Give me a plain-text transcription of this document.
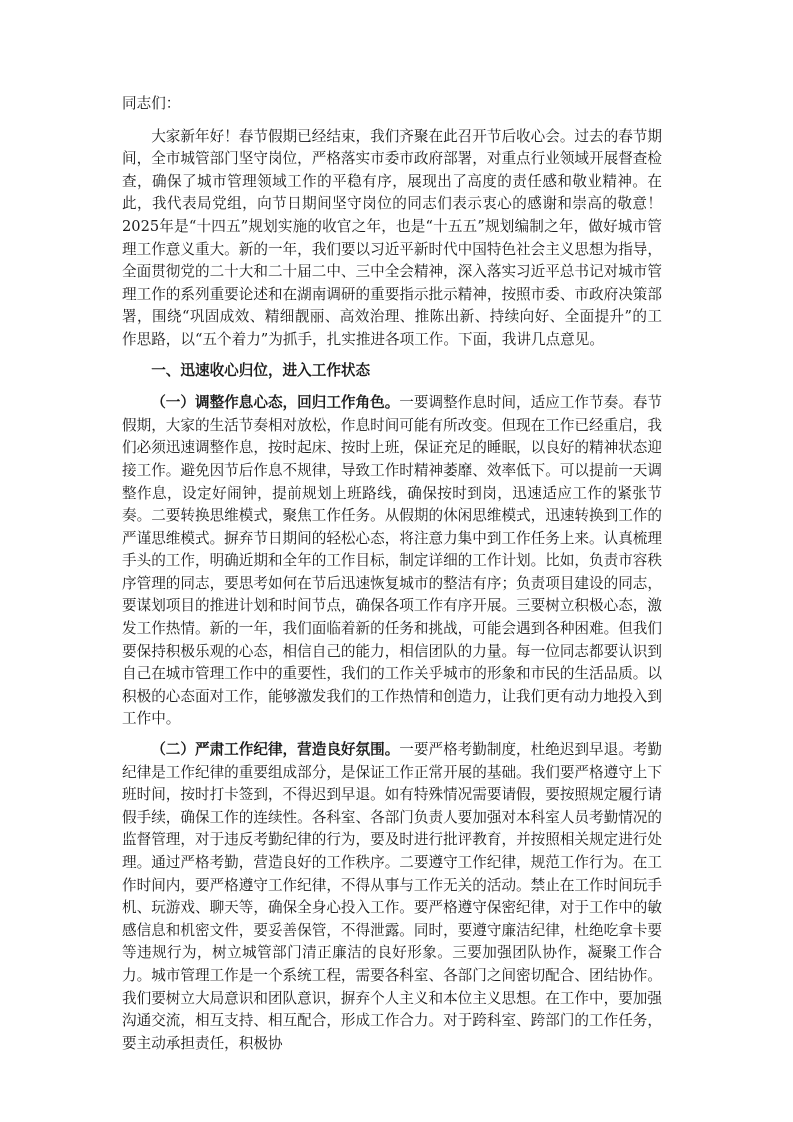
同志们：

大家新年好！春节假期已经结束，我们齐聚在此召开节后收心会。过去的春节期间，全市城管部门坚守岗位，严格落实市委市政府部署，对重点行业领域开展督查检查，确保了城市管理领域工作的平稳有序，展现出了高度的责任感和敬业精神。在此，我代表局党组，向节日期间坚守岗位的同志们表示衷心的感谢和崇高的敬意！2025年是“十四五”规划实施的收官之年，也是“十五五”规划编制之年，做好城市管理工作意义重大。新的一年，我们要以习近平新时代中国特色社会主义思想为指导，全面贯彻党的二十大和二十届二中、三中全会精神，深入落实习近平总书记对城市管理工作的系列重要论述和在湖南调研的重要指示批示精神，按照市委、市政府决策部署，围绕“巩固成效、精细靓丽、高效治理、推陈出新、持续向好、全面提升”的工作思路，以“五个着力”为抓手，扎实推进各项工作。下面，我讲几点意见。

一、迅速收心归位，进入工作状态

（一）调整作息心态，回归工作角色。一要调整作息时间，适应工作节奏。春节假期，大家的生活节奏相对放松，作息时间可能有所改变。但现在工作已经重启，我们必须迅速调整作息，按时起床、按时上班，保证充足的睡眠，以良好的精神状态迎接工作。避免因节后作息不规律，导致工作时精神萎靡、效率低下。可以提前一天调整作息，设定好闹钟，提前规划上班路线，确保按时到岗，迅速适应工作的紧张节奏。二要转换思维模式，聚焦工作任务。从假期的休闲思维模式，迅速转换到工作的严谨思维模式。摒弃节日期间的轻松心态，将注意力集中到工作任务上来。认真梳理手头的工作，明确近期和全年的工作目标，制定详细的工作计划。比如，负责市容秩序管理的同志，要思考如何在节后迅速恢复城市的整洁有序；负责项目建设的同志，要谋划项目的推进计划和时间节点，确保各项工作有序开展。三要树立积极心态，激发工作热情。新的一年，我们面临着新的任务和挑战，可能会遇到各种困难。但我们要保持积极乐观的心态，相信自己的能力，相信团队的力量。每一位同志都要认识到自己在城市管理工作中的重要性，我们的工作关乎城市的形象和市民的生活品质。以积极的心态面对工作，能够激发我们的工作热情和创造力，让我们更有动力地投入到工作中。

（二）严肃工作纪律，营造良好氛围。一要严格考勤制度，杜绝迟到早退。考勤纪律是工作纪律的重要组成部分，是保证工作正常开展的基础。我们要严格遵守上下班时间，按时打卡签到，不得迟到早退。如有特殊情况需要请假，要按照规定履行请假手续，确保工作的连续性。各科室、各部门负责人要加强对本科室人员考勤情况的监督管理，对于违反考勤纪律的行为，要及时进行批评教育，并按照相关规定进行处理。通过严格考勤，营造良好的工作秩序。二要遵守工作纪律，规范工作行为。在工作时间内，要严格遵守工作纪律，不得从事与工作无关的活动。禁止在工作时间玩手机、玩游戏、聊天等，确保全身心投入工作。要严格遵守保密纪律，对于工作中的敏感信息和机密文件，要妥善保管，不得泄露。同时，要遵守廉洁纪律，杜绝吃拿卡要等违规行为，树立城管部门清正廉洁的良好形象。三要加强团队协作，凝聚工作合力。城市管理工作是一个系统工程，需要各科室、各部门之间密切配合、团结协作。我们要树立大局意识和团队意识，摒弃个人主义和本位主义思想。在工作中，要加强沟通交流，相互支持、相互配合，形成工作合力。对于跨科室、跨部门的工作任务，要主动承担责任，积极协
